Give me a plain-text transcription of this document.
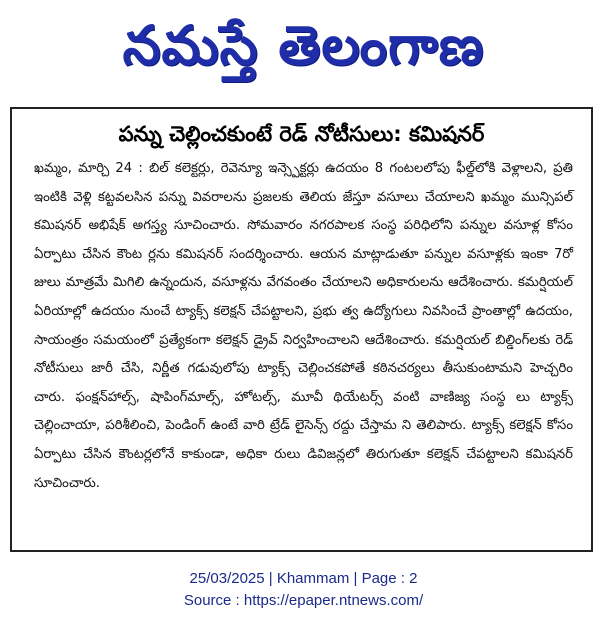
నమస్తే తెలంగాణ
పన్ను చెల్లించకుంటే రెడ్ నోటీసులు: కమిషనర్

ఖమ్మం, మార్చి 24 : బిల్ కలెక్టర్లు, రెవెన్యూ ఇన్స్పెక్టర్లు ఉదయం 8 గంటలలోపు ఫీల్డ్‌లోకి వెళ్లాలని, ప్రతి ఇంటికి వెళ్లి కట్టవలసిన పన్ను వివరాలను ప్రజలకు తెలియ జేస్తూ వసూలు చేయాలని ఖమ్మం మున్సిపల్ కమిషనర్ అభిషేక్ అగస్త్య సూచించారు. సోమవారం నగరపాలక సంస్థ పరిధిలోని పన్నుల వసూళ్ల కోసం ఏర్పాటు చేసిన కౌంట ర్లను కమిషనర్ సందర్శించారు. ఆయన మాట్లాడుతూ పన్నుల వసూళ్లకు ఇంకా 7రో జులు మాత్రమే మిగిలి ఉన్నందున, వసూళ్లను వేగవంతం చేయాలని అధికారులను ఆదేశించారు. కమర్షియల్ ఏరియాల్లో ఉదయం నుంచే ట్యాక్స్ కలెక్షన్ చేపట్టాలని, ప్రభు త్వ ఉద్యోగులు నివసించే ప్రాంతాల్లో ఉదయం, సాయంత్రం సమయంలో ప్రత్యేకంగా కలెక్షన్ డ్రైవ్ నిర్వహించాలని ఆదేశించారు. కమర్షియల్ బిల్డింగ్‌లకు రెడ్ నోటీసులు జారీ చేసి, నిర్ణీత గడువులోపు ట్యాక్స్ చెల్లించకపోతే కఠినచర్యలు తీసుకుంటామని హెచ్చరిం చారు. ఫంక్షన్‌హాల్స్, షాపింగ్‌మాల్స్, హోటల్స్, మూవీ థియేటర్స్ వంటి వాణిజ్య సంస్థ లు ట్యాక్స్ చెల్లించాయా, పరిశీలించి, పెండింగ్ ఉంటే వారి ట్రేడ్ లైసెన్స్ రద్దు చేస్తామ ని తెలిపారు. ట్యాక్స్ కలెక్షన్ కోసం ఏర్పాటు చేసిన కౌంటర్లలోనే కాకుండా, అధికా రులు డివిజన్లలో తిరుగుతూ కలెక్షన్ చేపట్టాలని కమిషనర్ సూచించారు.

25/03/2025 | Khammam | Page : 2
Source : https://epaper.ntnews.com/
